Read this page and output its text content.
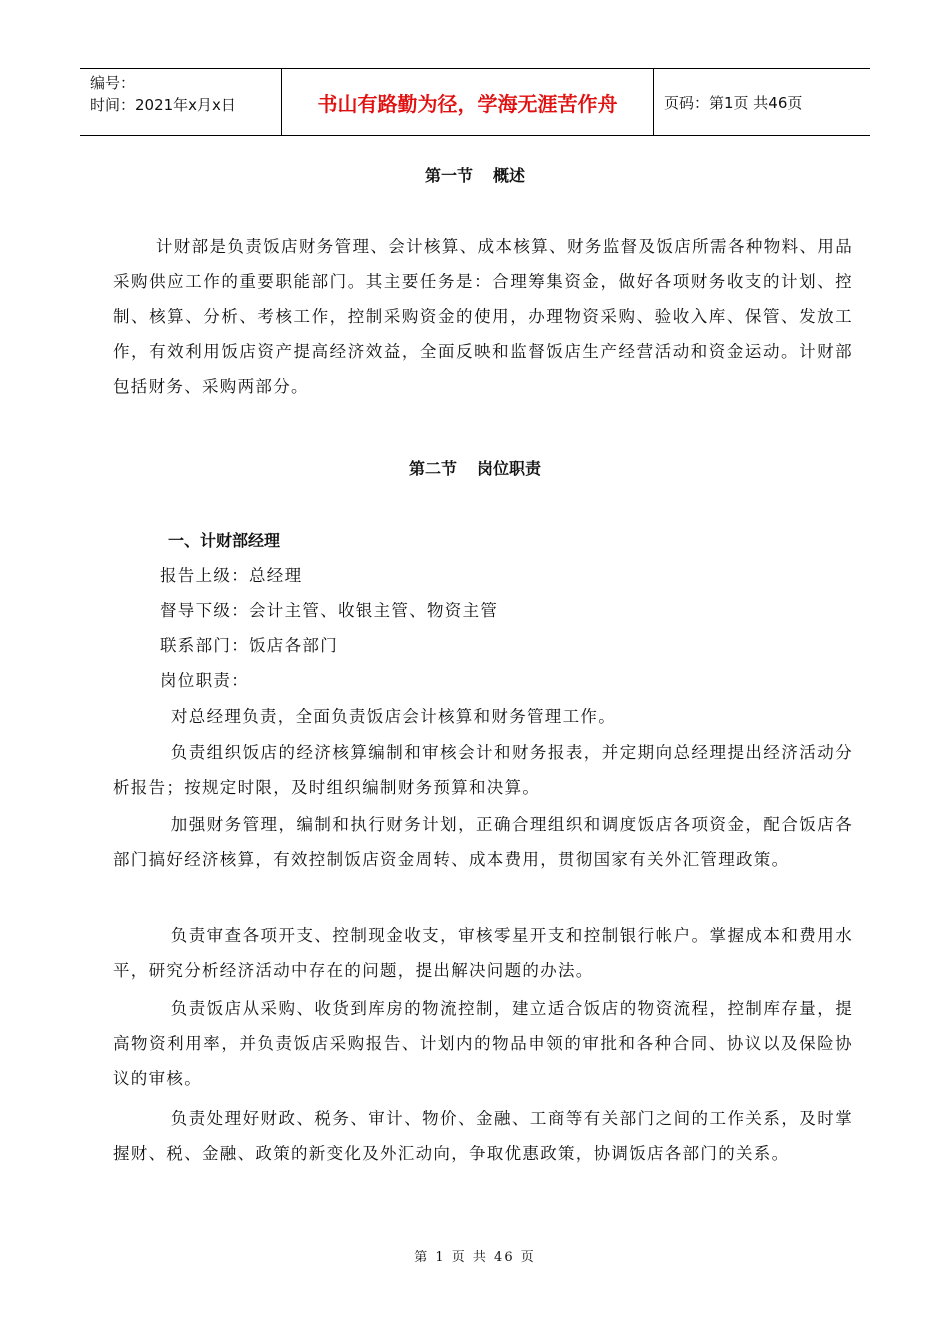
编号：
时间：2021年x月x日	书山有路勤为径，学海无涯苦作舟	页码：第1页 共46页
第一节 概述
计财部是负责饭店财务管理、会计核算、成本核算、财务监督及饭店所需各种物料、用品采购供应工作的重要职能部门。其主要任务是：合理筹集资金，做好各项财务收支的计划、控制、核算、分析、考核工作，控制采购资金的使用，办理物资采购、验收入库、保管、发放工作，有效利用饭店资产提高经济效益，全面反映和监督饭店生产经营活动和资金运动。计财部包括财务、采购两部分。
第二节 岗位职责
一、计财部经理
报告上级：总经理
督导下级：会计主管、收银主管、物资主管
联系部门：饭店各部门
岗位职责：
对总经理负责，全面负责饭店会计核算和财务管理工作。
负责组织饭店的经济核算编制和审核会计和财务报表，并定期向总经理提出经济活动分析报告；按规定时限，及时组织编制财务预算和决算。
加强财务管理，编制和执行财务计划，正确合理组织和调度饭店各项资金，配合饭店各部门搞好经济核算，有效控制饭店资金周转、成本费用，贯彻国家有关外汇管理政策。
负责审查各项开支、控制现金收支，审核零星开支和控制银行帐户。掌握成本和费用水平，研究分析经济活动中存在的问题，提出解决问题的办法。
负责饭店从采购、收货到库房的物流控制，建立适合饭店的物资流程，控制库存量，提高物资利用率，并负责饭店采购报告、计划内的物品申领的审批和各种合同、协议以及保险协议的审核。
负责处理好财政、税务、审计、物价、金融、工商等有关部门之间的工作关系，及时掌握财、税、金融、政策的新变化及外汇动向，争取优惠政策，协调饭店各部门的关系。
第 1 页 共 46 页
